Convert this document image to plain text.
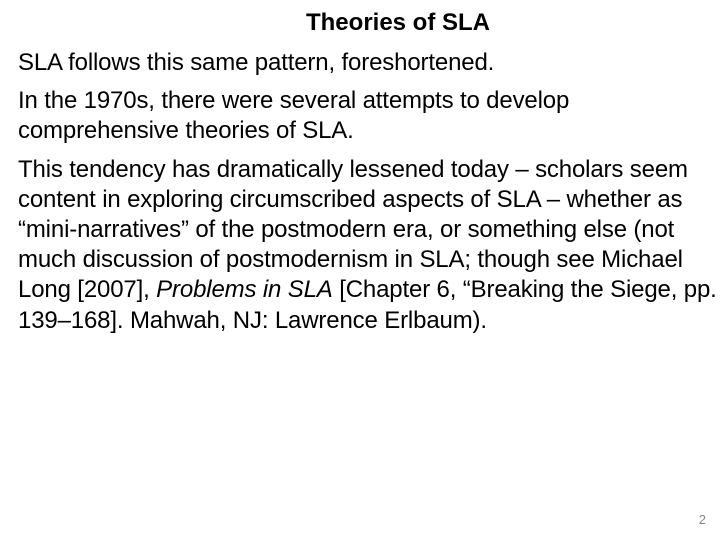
Theories of SLA

SLA follows this same pattern, foreshortened.

In the 1970s, there were several attempts to develop comprehensive theories of SLA.

This tendency has dramatically lessened today – scholars seem content in exploring circumscribed aspects of SLA – whether as “mini-narratives” of the postmodern era, or something else (not much discussion of postmodernism in SLA; though see Michael Long [2007], Problems in SLA [Chapter 6, “Breaking the Siege, pp. 139–168]. Mahwah, NJ: Lawrence Erlbaum).

2
